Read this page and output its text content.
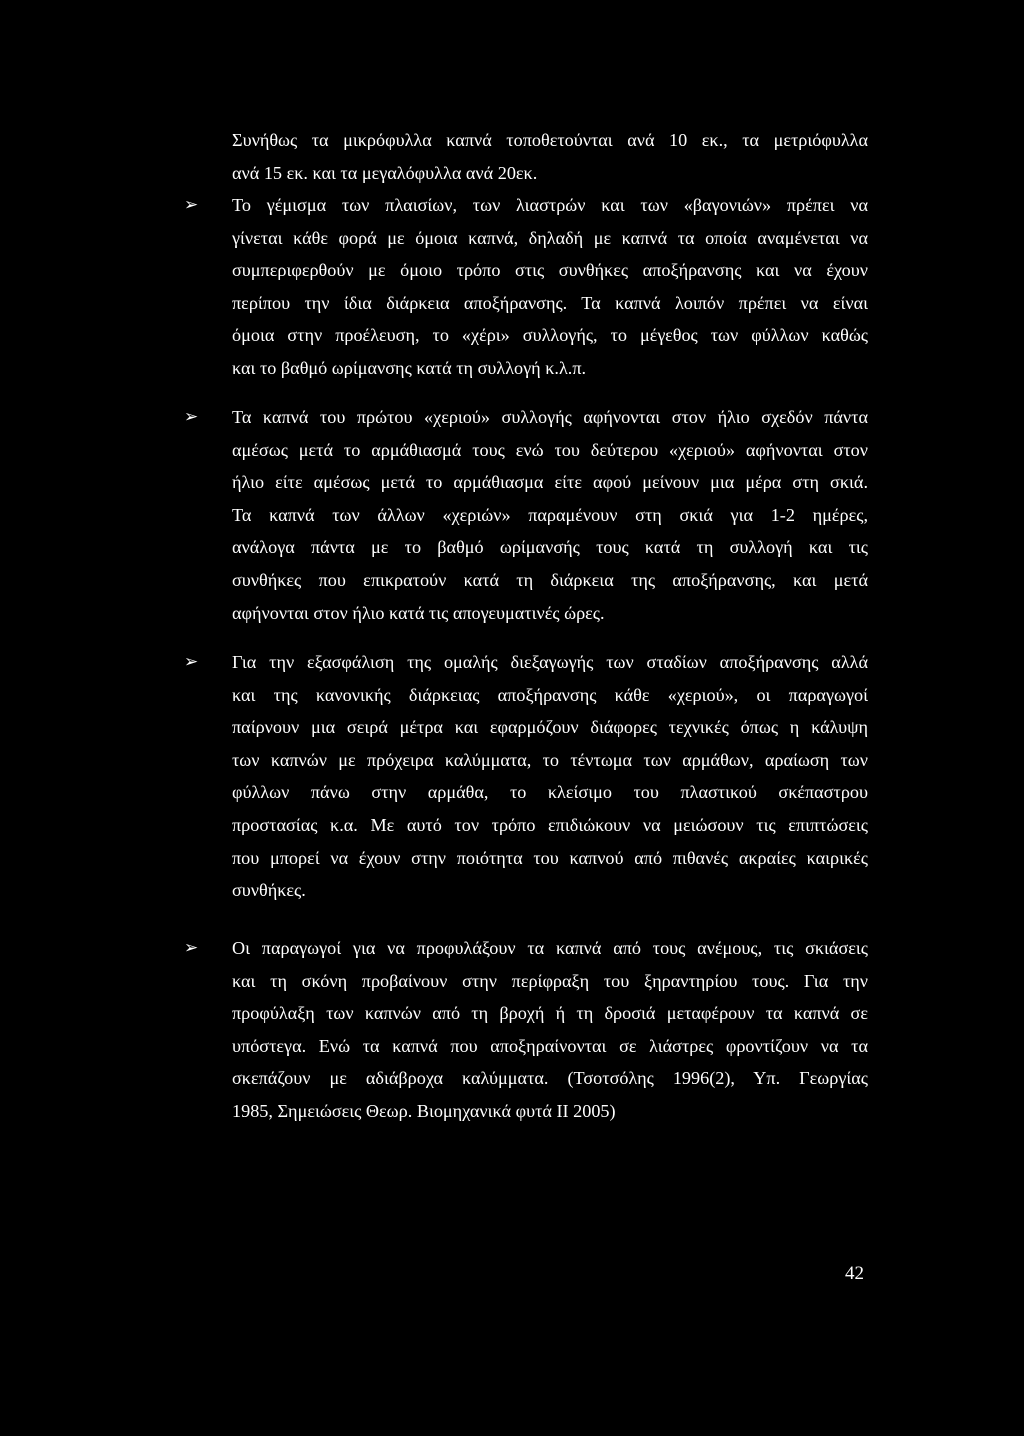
Συνήθως τα μικρόφυλλα καπνά τοποθετούνται ανά 10 εκ., τα μετριόφυλλα
ανά 15 εκ. και τα μεγαλόφυλλα ανά 20εκ.
➢ Το γέμισμα των πλαισίων, των λιαστρών και των «βαγονιών» πρέπει να
γίνεται κάθε φορά με όμοια καπνά, δηλαδή με καπνά τα οποία αναμένεται να
συμπεριφερθούν με όμοιο τρόπο στις συνθήκες αποξήρανσης και να έχουν
περίπου την ίδια διάρκεια αποξήρανσης. Τα καπνά λοιπόν πρέπει να είναι
όμοια στην προέλευση, το «χέρι» συλλογής, το μέγεθος των φύλλων καθώς
και το βαθμό ωρίμανσης κατά τη συλλογή κ.λ.π.
➢ Τα καπνά του πρώτου «χεριού» συλλογής αφήνονται στον ήλιο σχεδόν πάντα
αμέσως μετά το αρμάθιασμά τους ενώ του δεύτερου «χεριού» αφήνονται στον
ήλιο είτε αμέσως μετά το αρμάθιασμα είτε αφού μείνουν μια μέρα στη σκιά.
Τα καπνά των άλλων «χεριών» παραμένουν στη σκιά για 1-2 ημέρες,
ανάλογα πάντα με το βαθμό ωρίμανσής τους κατά τη συλλογή και τις
συνθήκες που επικρατούν κατά τη διάρκεια της αποξήρανσης, και μετά
αφήνονται στον ήλιο κατά τις απογευματινές ώρες.
➢ Για την εξασφάλιση της ομαλής διεξαγωγής των σταδίων αποξήρανσης αλλά
και της κανονικής διάρκειας αποξήρανσης κάθε «χεριού», οι παραγωγοί
παίρνουν μια σειρά μέτρα και εφαρμόζουν διάφορες τεχνικές όπως η κάλυψη
των καπνών με πρόχειρα καλύμματα, το τέντωμα των αρμάθων, αραίωση των
φύλλων πάνω στην αρμάθα, το κλείσιμο του πλαστικού σκέπαστρου
προστασίας κ.α. Με αυτό τον τρόπο επιδιώκουν να μειώσουν τις επιπτώσεις
που μπορεί να έχουν στην ποιότητα του καπνού από πιθανές ακραίες καιρικές
συνθήκες.
➢ Οι παραγωγοί για να προφυλάξουν τα καπνά από τους ανέμους, τις σκιάσεις
και τη σκόνη προβαίνουν στην περίφραξη του ξηραντηρίου τους. Για την
προφύλαξη των καπνών από τη βροχή ή τη δροσιά μεταφέρουν τα καπνά σε
υπόστεγα. Ενώ τα καπνά που αποξηραίνονται σε λιάστρες φροντίζουν να τα
σκεπάζουν με αδιάβροχα καλύμματα. (Τσοτσόλης 1996(2), Υπ. Γεωργίας
1985, Σημειώσεις Θεωρ. Βιομηχανικά φυτά ΙΙ 2005)
42
